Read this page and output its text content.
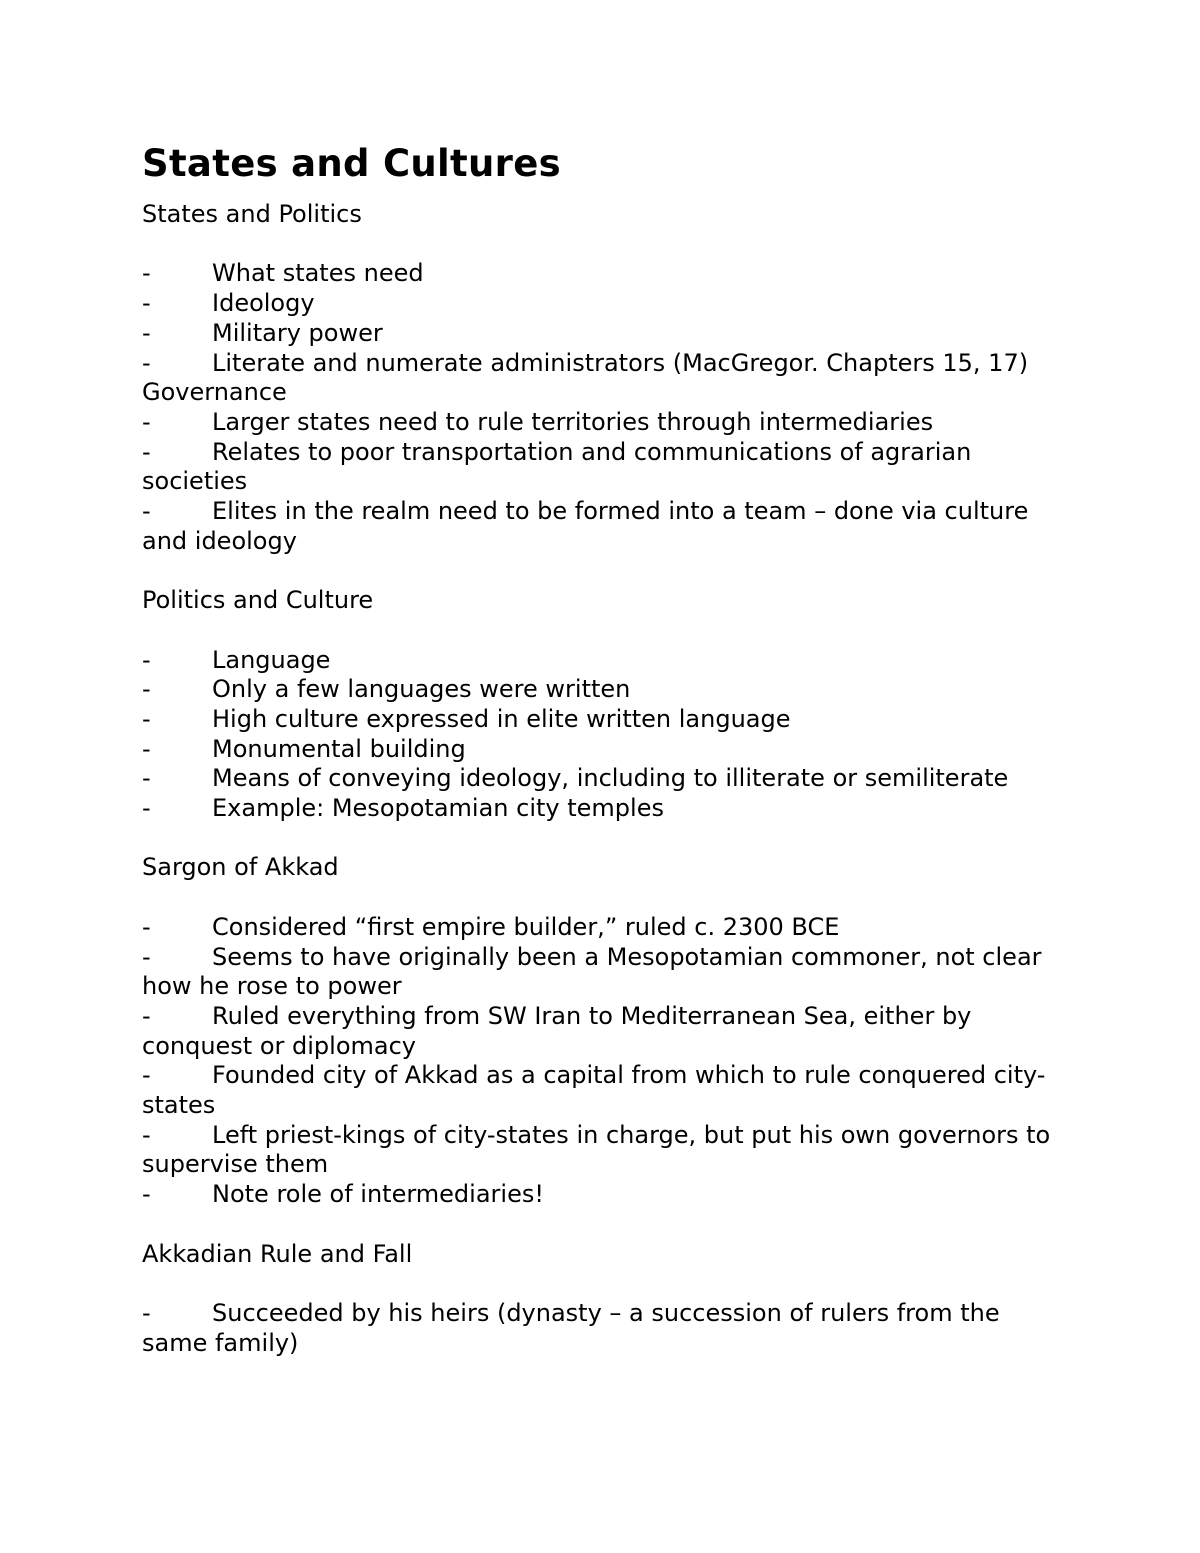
States and Cultures
States and Politics
-	What states need
-	Ideology
-	Military power
-	Literate and numerate administrators (MacGregor. Chapters 15, 17)
Governance
-	Larger states need to rule territories through intermediaries
-	Relates to poor transportation and communications of agrarian societies
-	Elites in the realm need to be formed into a team – done via culture and ideology
Politics and Culture
-	Language
-	Only a few languages were written
-	High culture expressed in elite written language
-	Monumental building
-	Means of conveying ideology, including to illiterate or semiliterate
-	Example: Mesopotamian city temples
Sargon of Akkad
-	Considered “first empire builder,” ruled c. 2300 BCE
-	Seems to have originally been a Mesopotamian commoner, not clear how he rose to power
-	Ruled everything from SW Iran to Mediterranean Sea, either by conquest or diplomacy
-	Founded city of Akkad as a capital from which to rule conquered city-states
-	Left priest-kings of city-states in charge, but put his own governors to supervise them
-	Note role of intermediaries!
Akkadian Rule and Fall
-	Succeeded by his heirs (dynasty – a succession of rulers from the same family)
